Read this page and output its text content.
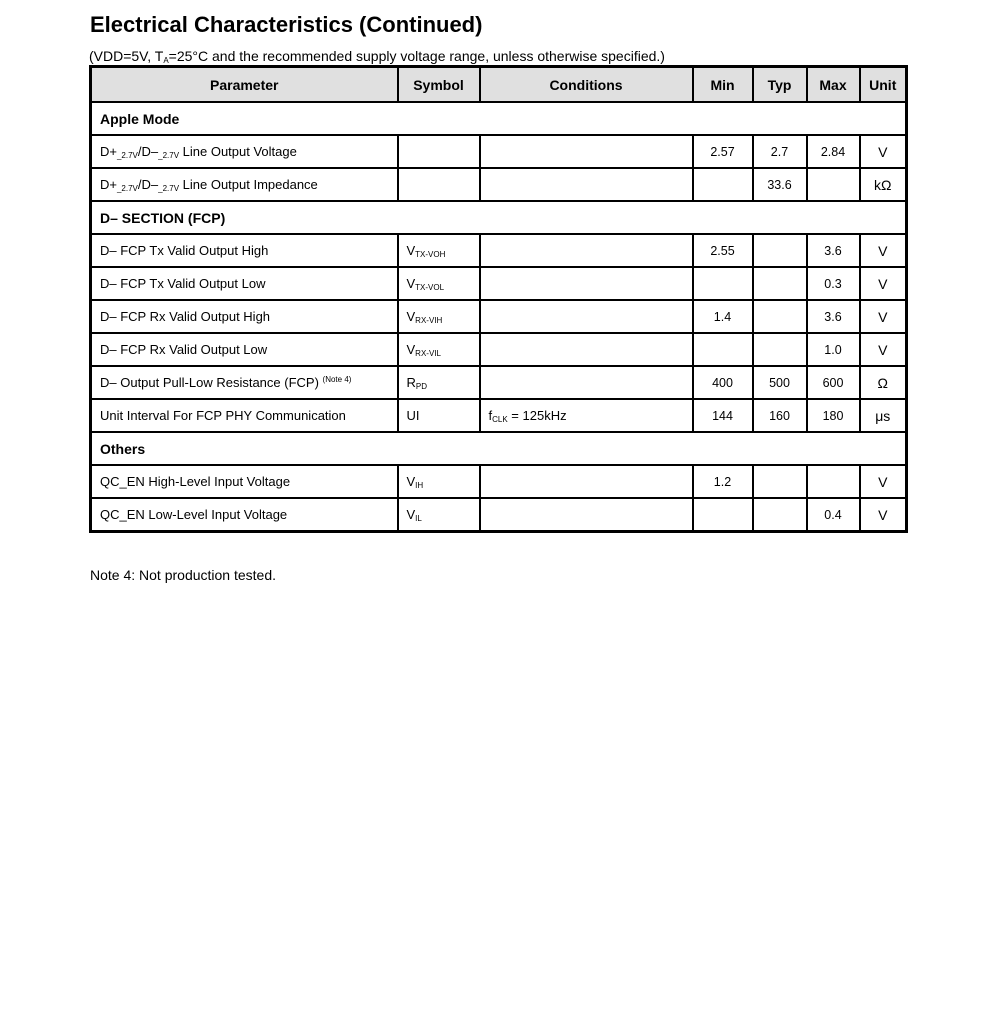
Electrical Characteristics (Continued)
(VDD=5V, $T_A=25^\circ C$ and the recommended supply voltage range, unless otherwise specified.)
Parameter	Symbol	Conditions	Min	Typ	Max	Unit
Apple Mode						
$D+_{\_2.7V}/D-_{\_2.7V}$ Line Output Voltage			2.57	2.7	2.84	V
$D+_{\_2.7V}/D-_{\_2.7V}$ Line Output Impedance				33.6		kΩ
D– SECTION (FCP)						
D– FCP Tx Valid Output High	$V_{TX-VOH}$		2.55		3.6	V
D– FCP Tx Valid Output Low	$V_{TX-VOL}$				0.3	V
D– FCP Rx Valid Output High	$V_{RX-VIH}$		1.4		3.6	V
D– FCP Rx Valid Output Low	$V_{RX-VIL}$				1.0	V
D– Output Pull-Low Resistance (FCP) $^{(Note 4)}$	$R_{PD}$		400	500	600	Ω
Unit Interval For FCP PHY Communication	UI	$f_{CLK} = 125kHz$	144	160	180	μs
Others						
QC_EN High-Level Input Voltage	$V_{IH}$		1.2			V
QC_EN Low-Level Input Voltage	$V_{IL}$				0.4	V
Note 4: Not production tested.
